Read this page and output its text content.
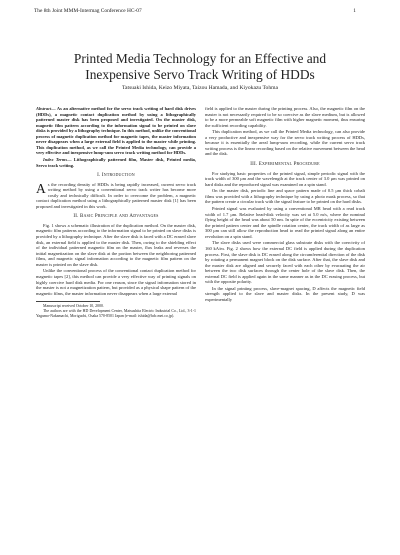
The 8th Joint MMM-Intermag Conference HC-07	1
Printed Media Technology for an Effective and
Inexpensive Servo Track Writing of HDDs
Tatsuaki Ishida, Keizo Miyata, Taizou Hamada, and Kiyokazu Tohma

Abstract— As an alternative method for the servo track writing of hard disk drives (HDDs), a magnetic contact duplication method by using a lithographically patterned master disk has been proposed and investigated. On the master disk, magnetic film pattern according to the information signal to be printed on slave disks is provided by a lithography technique. In this method, unlike the conventional process of magnetic duplication method for magnetic tapes, the master information never disappears when a large external field is applied to the master while printing. This duplication method, as we call the Printed Media technology, can provide a very effective and inexpensive lump-sum servo track writing method for HDDs.

Index Terms— Lithographically patterned film, Master disk, Printed media, Servo track writing.

I. Introduction

As the recording density of HDDs is being rapidly increased, current servo track writing method by using a conventional servo track writer has become more costly and technically difficult. In order to overcome the problem, a magnetic contact duplication method using a lithographically patterned master disk [1] has been proposed and investigated in this work.

II. Basic Principle and Advantages

Fig. 1 shows a schematic illustration of the duplication method. On the master disk, magnetic film patterns according to the information signal to be printed on slave disks is provided by a lithography technique. After the slave disk is faced with a DC erased slave disk, an external field is applied to the master disk. Then, owing to the shielding effect of the individual patterned magnetic film on the master, flux leaks and reverses the initial magnetization on the slave disk at the portion between the neighboring patterned films, and magnetic signal information according to the magnetic film pattern on the master is printed on the slave disk.

Unlike the conventional process of the conventional contact duplication method for magnetic tapes [2], this method can provide a very effective way of printing signals on highly coercive hard disk media. For one reason, since the signal information stored in the master is not a magnetization pattern, but provided as a physical shape pattern of the magnetic films, the master information never disappears when a large external

Manuscript received October 10, 2000.

The authors are with the HD Development Center, Matsushita Electric Industrial Co., Ltd., 3-1-1 Yagumo-Nakamachi, Moriguchi, Osaka 570-8501 Japan (e-mail: ishida@hdc.mei.co.jp).

field is applied to the master during the printing process. Also, the magnetic film on the master is not necessarily required to be so coercive as the slave medium, but is allowed to be a more permeable soft magnetic film with higher magnetic moment, thus ensuring the sufficient recording capability.

This duplication method, as we call the Printed Media technology, can also provide a very productive and inexpensive way for the servo track writing process of HDDs, because it is essentially the areal lump-sum recording, while the current servo track writing process is the linear recording based on the relative movement between the head and the disk.

III. Experimental Procedure

For studying basic properties of the printed signal, simple periodic signal with the track width of 300 μm and the wavelength at the track center of 3.0 μm was printed on hard disks and the reproduced signal was examined on a spin stand.

On the master disk, periodic line and space pattern made of 0.5 μm thick cobalt films was provided with a lithography technique by using a photo mask process, so that the pattern create a circular track with the signal feature to be printed on the hard disks.

Printed signal was evaluated by using a conventional MR head with a read track width of 1.7 μm. Relative head-disk velocity was set at 5.0 m/s, where the nominal flying height of the head was about 50 nm. In spite of the eccentricity existing between the printed pattern center and the spindle rotation center, the track width of as large as 300 μm can still allow the reproduction head to read the printed signal along an entire revolution on a spin stand.

The slave disks used were commercial glass substrate disks with the coercivity of 160 kA/m. Fig. 2 shows how the external DC field is applied during the duplication process. First, the slave disk is DC erased along the circumferential direction of the disk by rotating a permanent magnet block on the disk surface. After that, the slave disk and the master disk are aligned and securely faced with each other by evacuating the air between the two disk surfaces through the center hole of the slave disk. Then, the external DC field is applied again in the same manner as in the DC erasing process, but with the opposite polarity.

In the signal printing process, slave-magnet spacing, D affects the magnetic field strength applied to the slave and master disks. In the present study, D was experimentally
